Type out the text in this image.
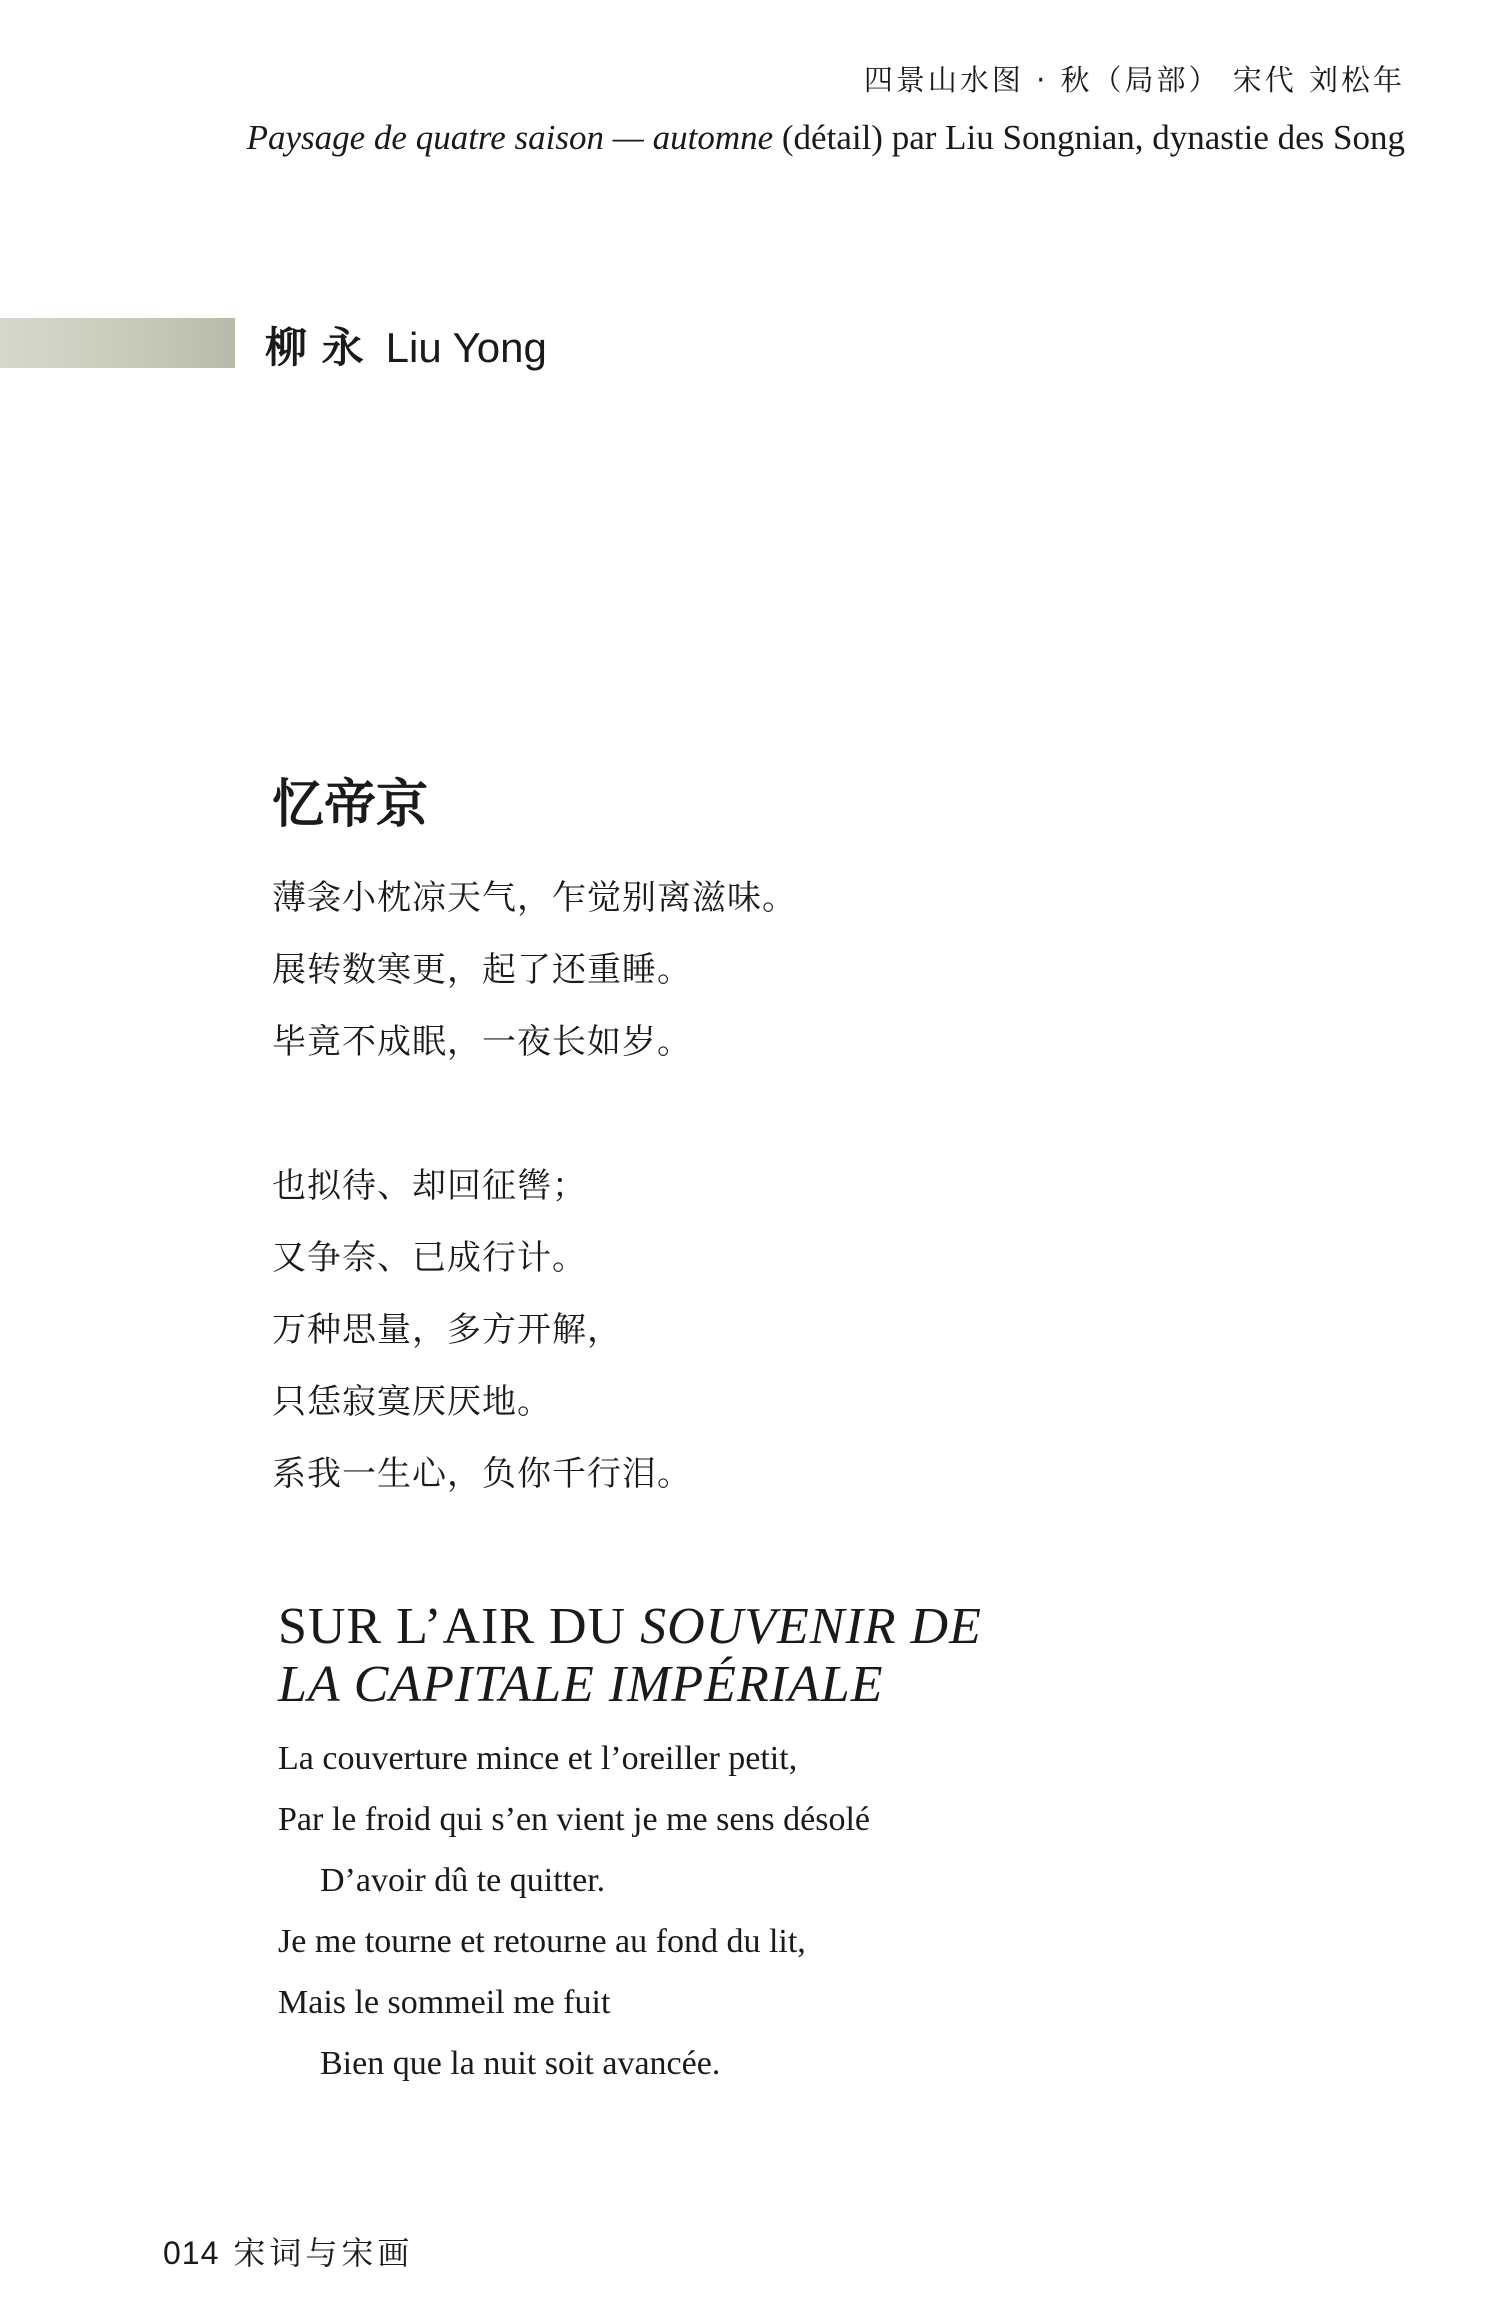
四景山水图 · 秋（局部） 宋代 刘松年
Paysage de quatre saison — automne (détail) par Liu Songnian, dynastie des Song
柳 永 Liu Yong
忆帝京
薄衾小枕凉天气，乍觉别离滋味。
展转数寒更，起了还重睡。
毕竟不成眠，一夜长如岁。
也拟待、却回征辔；
又争奈、已成行计。
万种思量，多方开解，
只恁寂寞厌厌地。
系我一生心，负你千行泪。
SUR L’AIR DU SOUVENIR DE
LA CAPITALE IMPÉRIALE
La couverture mince et l’oreiller petit,
Par le froid qui s’en vient je me sens désolé
D’avoir dû te quitter.
Je me tourne et retourne au fond du lit,
Mais le sommeil me fuit
Bien que la nuit soit avancée.
014 宋词与宋画
